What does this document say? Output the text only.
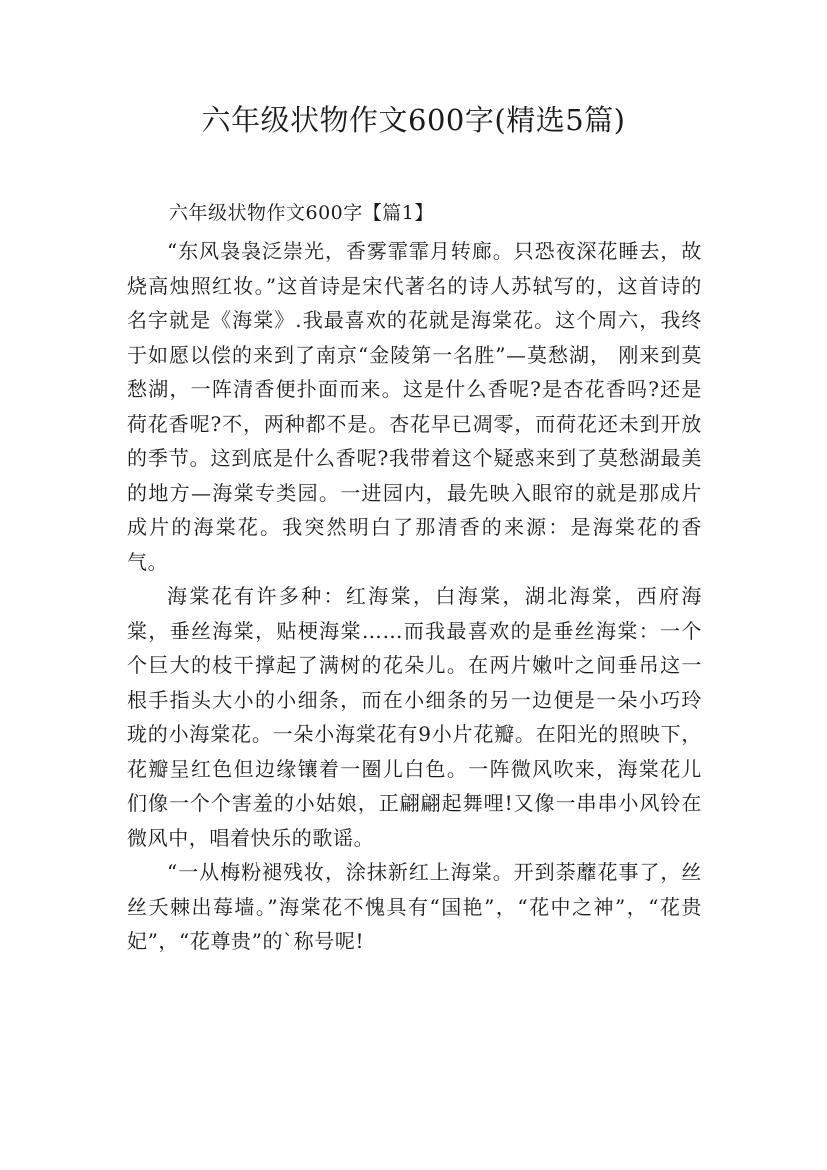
六年级状物作文600字(精选5篇)

六年级状物作文600字【篇1】

“东风袅袅泛崇光，香雾霏霏月转廊。只恐夜深花睡去，故烧高烛照红妆。”这首诗是宋代著名的诗人苏轼写的，这首诗的名字就是《海棠》.我最喜欢的花就是海棠花。这个周六，我终于如愿以偿的来到了南京“金陵第一名胜”—莫愁湖， 刚来到莫愁湖，一阵清香便扑面而来。这是什么香呢?是杏花香吗?还是荷花香呢?不，两种都不是。杏花早已凋零，而荷花还未到开放的季节。这到底是什么香呢?我带着这个疑惑来到了莫愁湖最美的地方—海棠专类园。一进园内，最先映入眼帘的就是那成片成片的海棠花。我突然明白了那清香的来源：是海棠花的香气。

海棠花有许多种：红海棠，白海棠，湖北海棠，西府海棠，垂丝海棠，贴梗海棠……而我最喜欢的是垂丝海棠：一个个巨大的枝干撑起了满树的花朵儿。在两片嫩叶之间垂吊这一根手指头大小的小细条，而在小细条的另一边便是一朵小巧玲珑的小海棠花。一朵小海棠花有9小片花瓣。在阳光的照映下，花瓣呈红色但边缘镶着一圈儿白色。一阵微风吹来，海棠花儿们像一个个害羞的小姑娘，正翩翩起舞哩!又像一串串小风铃在微风中，唱着快乐的歌谣。

“一从梅粉褪残妆，涂抹新红上海棠。开到荼蘼花事了，丝丝夭棘出莓墙。”海棠花不愧具有“国艳”，“花中之神”，“花贵妃”，“花尊贵”的`称号呢!
